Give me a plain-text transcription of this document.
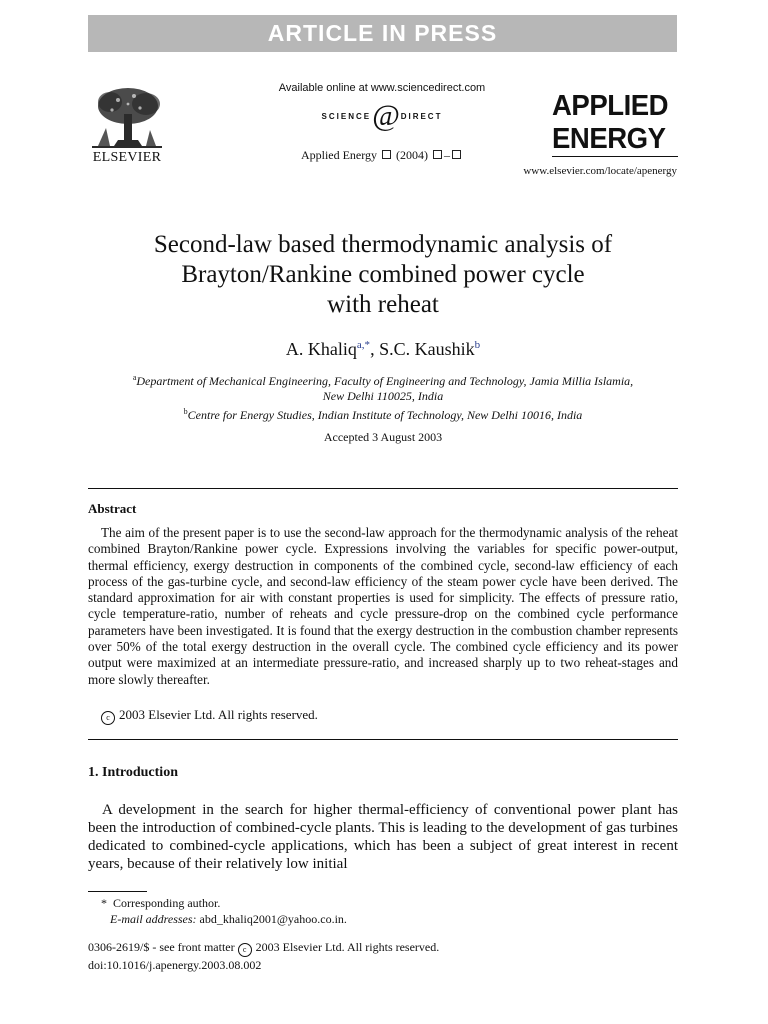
ARTICLE IN PRESS
ELSEVIER
Available online at www.sciencedirect.com
SCIENCE @ DIRECT
Applied Energy (2004) –
APPLIED
ENERGY
www.elsevier.com/locate/apenergy
Second-law based thermodynamic analysis of
Brayton/Rankine combined power cycle
with reheat
A. Khaliq$^{a,*}$, S.C. Kaushik$^b$
$^a$Department of Mechanical Engineering, Faculty of Engineering and Technology, Jamia Millia Islamia,
New Delhi 110025, India
$^b$Centre for Energy Studies, Indian Institute of Technology, New Delhi 10016, India
Accepted 3 August 2003
Abstract
The aim of the present paper is to use the second-law approach for the thermodynamic analysis of the reheat combined Brayton/Rankine power cycle. Expressions involving the variables for specific power-output, thermal efficiency, exergy destruction in components of the combined cycle, second-law efficiency of each process of the gas-turbine cycle, and second-law efficiency of the steam power cycle have been derived. The standard approximation for air with constant properties is used for simplicity. The effects of pressure ratio, cycle temperature-ratio, number of reheats and cycle pressure-drop on the combined cycle performance parameters have been investigated. It is found that the exergy destruction in the combustion chamber represents over 50% of the total exergy destruction in the overall cycle. The combined cycle efficiency and its power output were maximized at an intermediate pressure-ratio, and increased sharply up to two reheat-stages and more slowly thereafter.
c 2003 Elsevier Ltd. All rights reserved.
1. Introduction
A development in the search for higher thermal-efficiency of conventional power plant has been the introduction of combined-cycle plants. This is leading to the development of gas turbines dedicated to combined-cycle applications, which has been a subject of great interest in recent years, because of their relatively low initial
* Corresponding author.
E-mail addresses: abd_khaliq2001@yahoo.co.in.
0306-2619/$ - see front matter c 2003 Elsevier Ltd. All rights reserved.
doi:10.1016/j.apenergy.2003.08.002
